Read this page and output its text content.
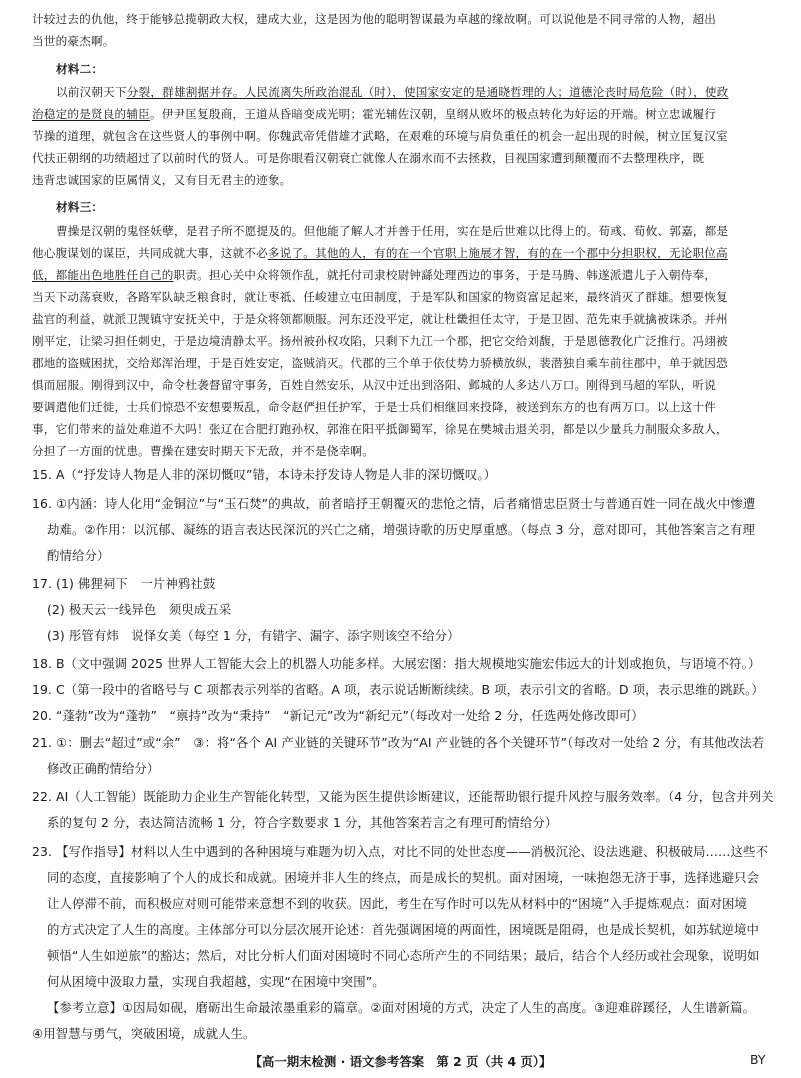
计较过去的仇他，终于能够总揽朝政大权，建成大业，这是因为他的聪明智谋最为卓越的缘故啊。可以说他是不同寻常的人物，超出
当世的豪杰啊。
材料二：
以前汉朝天下分裂，群雄割据并存。人民流离失所政治混乱（时），使国家安定的是通晓哲理的人；道德沦丧时局危险（时），使政
治稳定的是贤良的辅臣。伊尹匡复殷商，王道从昏暗变成光明；霍光辅佐汉朝，皇纲从败坏的极点转化为好运的开端。树立忠诚履行
节操的道理，就包含在这些贤人的事例中啊。你魏武帝凭借雄才武略，在艰难的环境与肩负重任的机会一起出现的时候，树立匡复汉室
代扶正朝纲的功绩超过了以前时代的贤人。可是你眼看汉朝衰亡就像人在溺水而不去拯救，目视国家遭到颠覆而不去整理秩序，既
违背忠诚国家的臣属情义，又有目无君主的迹象。
材料三：
曹操是汉朝的鬼怪妖孽，是君子所不愿提及的。但他能了解人才并善于任用，实在是后世难以比得上的。荀彧、荀攸、郭嘉，都是
他心腹谋划的谋臣，共同成就大事，这就不必多说了。其他的人，有的在一个官职上施展才智，有的在一个郡中分担职权，无论职位高
低，都能出色地胜任自己的职责。担心关中众将领作乱，就托付司隶校尉钟繇处理西边的事务，于是马腾、韩遂派遣儿子入朝侍奉，
当天下动荡衰败，各路军队缺乏粮食时，就让枣祗、任峻建立屯田制度，于是军队和国家的物资富足起来，最终消灭了群雄。想要恢复
盐官的利益，就派卫觊镇守安抚关中，于是众将领都顺服。河东还没平定，就让杜畿担任太守，于是卫固、范先束手就擒被诛杀。并州
刚平定，让梁习担任刺史，于是边境清静太平。扬州被孙权攻陷，只剩下九江一个郡，把它交给刘馥，于是恩德教化广泛推行。冯翊被
郡地的盗贼困扰，交给郑浑治理，于是百姓安定，盗贼消灭。代郡的三个单于依仗势力骄横放纵，裴潜独自乘车前往郡中，单于就因恐
惧而屈服。刚得到汉中，命令杜袭督留守事务，百姓自然安乐，从汉中迁出到洛阳、邺城的人多达八万口。刚得到马超的军队，听说
要调遣他们迁徙，士兵们惊恐不安想要叛乱，命令赵俨担任护军，于是士兵们相继回来投降，被送到东方的也有两万口。以上这十件
事，它们带来的益处难道不大吗！张辽在合肥打跑孙权，郭淮在阳平抵御蜀军，徐晃在樊城击退关羽，都是以少量兵力制服众多敌人，
分担了一方面的忧患。曹操在建安时期天下无敌，并不是侥幸啊。
15. A（“抒发诗人物是人非的深切慨叹”错，本诗未抒发诗人物是人非的深切慨叹。）
16. ①内涵：诗人化用“金铜泣”与“玉石焚”的典故，前者暗抒王朝覆灭的悲怆之情，后者痛惜忠臣贤士与普通百姓一同在战火中惨遭
劫难。②作用：以沉郁、凝练的语言表达民深沉的兴亡之痛，增强诗歌的历史厚重感。（每点 3 分，意对即可，其他答案言之有理
酌情给分）
17. (1) 佛狸祠下　一片神鸦社鼓
(2) 极天云一线异色　须臾成五采
(3) 彤管有炜　说怿女美（每空 1 分，有错字、漏字、添字则该空不给分）
18. B（文中强调 2025 世界人工智能大会上的机器人功能多样。大展宏图：指大规模地实施宏伟远大的计划或抱负，与语境不符。）
19. C（第一段中的省略号与 C 项都表示列举的省略。A 项，表示说话断断续续。B 项，表示引文的省略。D 项，表示思维的跳跃。）
20. “蓬勃”改为“蓬勃”　“禀持”改为“秉持”　“新记元”改为“新纪元”（每改对一处给 2 分，任选两处修改即可）
21. ①：删去“超过”或“余”　③：将“各个 AI 产业链的关键环节”改为“AI 产业链的各个关键环节”（每改对一处给 2 分，有其他改法若
修改正确酌情给分）
22. AI（人工智能）既能助力企业生产智能化转型，又能为医生提供诊断建议，还能帮助银行提升风控与服务效率。（4 分，包含并列关
系的复句 2 分，表达简洁流畅 1 分，符合字数要求 1 分，其他答案若言之有理可酌情给分）
23. 【写作指导】材料以人生中遇到的各种困境与难题为切入点，对比不同的处世态度——消极沉沦、设法逃避、积极破局……这些不
同的态度，直接影响了个人的成长和成就。困境并非人生的终点，而是成长的契机。面对困境，一味抱怨无济于事，选择逃避只会
让人停滞不前，而积极应对则可能带来意想不到的收获。因此，考生在写作时可以先从材料中的“困境”入手提炼观点：面对困境
的方式决定了人生的高度。主体部分可以分层次展开论述：首先强调困境的两面性，困境既是阻碍，也是成长契机，如苏轼逆境中
顿悟“人生如逆旅”的豁达；然后，对比分析人们面对困境时不同心态所产生的不同结果；最后，结合个人经历或社会现象，说明如
何从困境中汲取力量，实现自我超越，实现“在困境中突围”。
【参考立意】①因局如砚，磨砺出生命最浓墨重彩的篇章。②面对困境的方式，决定了人生的高度。③迎难辟蹊径，人生谱新篇。
④用智慧与勇气，突破困境，成就人生。
【高一期末检测 · 语文参考答案　第 2 页（共 4 页）】	BY
